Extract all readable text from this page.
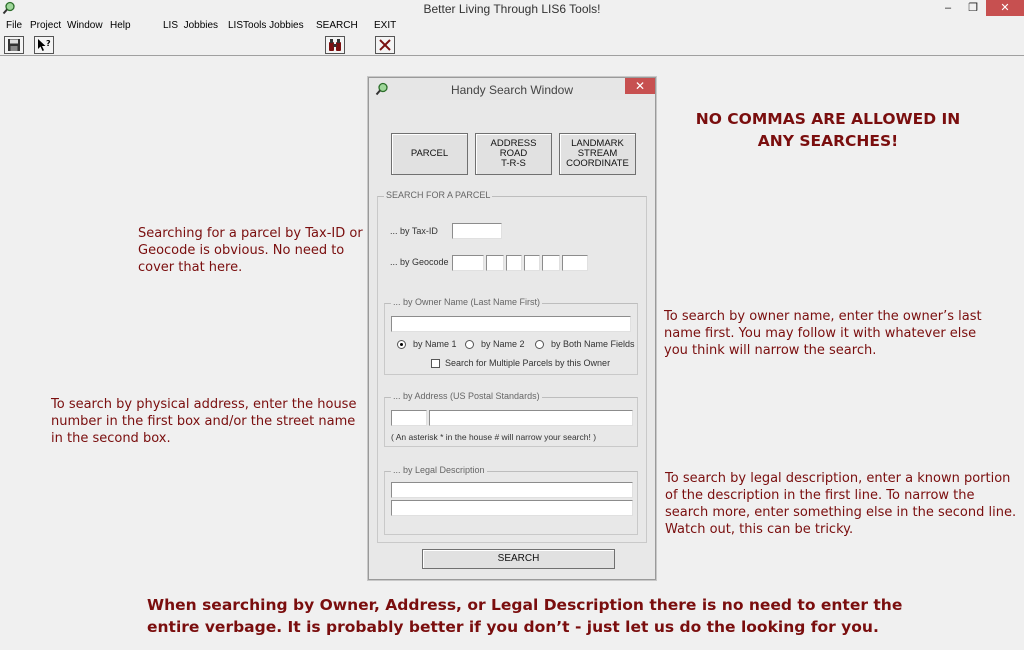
Better Living Through LIS6 Tools!	–	❐	✕
File Project Window Help	LIS  Jobbies LISTools Jobbies SEARCH EXIT
?
NO COMMAS ARE ALLOWED IN ANY SEARCHES!
Searching for a parcel by Tax-ID or Geocode is obvious. No need to cover that here.
To search by owner name, enter the owner’s last name first. You may follow it with whatever else you think will narrow the search.
To search by physical address, enter the house number in the first box and/or the street name in the second box.
To search by legal description, enter a known portion of the description in the first line. To narrow the search more, enter something else in the second line. Watch out, this can be tricky.
When searching by Owner, Address, or Legal Description there is no need to enter the entire verbage. It is probably better if you don’t - just let us do the looking for you.
Handy Search Window	✕
PARCEL
ADDRESS
ROAD
T-R-S
LANDMARK
STREAM
COORDINATE
SEARCH FOR A PARCEL
... by Tax-ID
... by Geocode
... by Owner Name (Last Name First)
by Name 1	by Name 2	by Both Name Fields
Search for Multiple Parcels by this Owner
... by Address (US Postal Standards)
( An asterisk * in the house # will narrow your search! )
... by Legal Description
SEARCH
